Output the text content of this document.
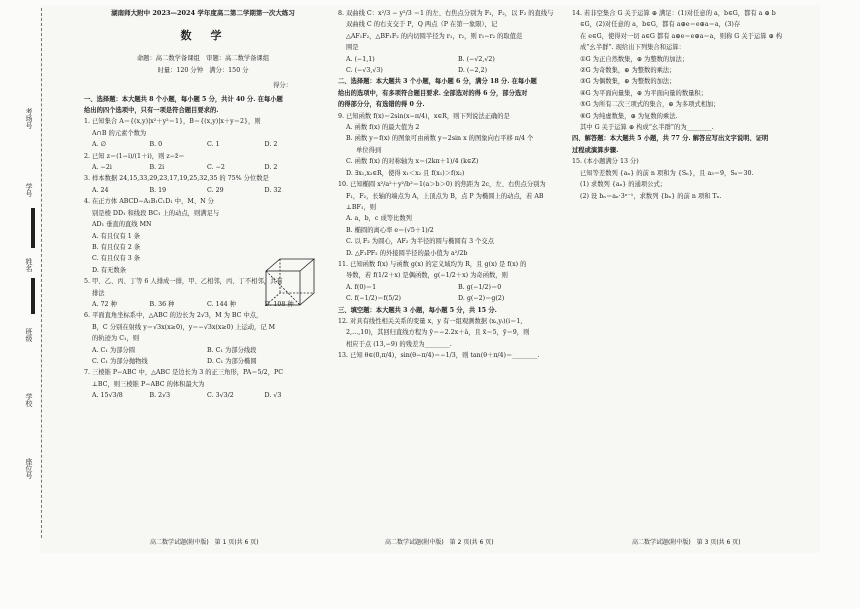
考场号
学号
姓名
班级
学校
座位号

湖南师大附中 2023—2024 学年度高二第二学期第一次大练习

数　学

命题：高二数学备课组　审题：高二数学备课组

时量：120 分钟　满分：150 分

得分：

一、选择题：本大题共 8 个小题，每小题 5 分，共计 40 分. 在每小题

给出的四个选项中，只有一项是符合题目要求的.

1. 已知集合 A＝{(x,y)|x²＋y²＝1}，B＝{(x,y)|x＋y＝2}，则

A∩B 的元素个数为

A. ∅	B. 0	C. 1	D. 2

2. 已知 z＝(1−i)/(1＋i)，则 z−z̄＝

A. −2i	B. 2i	C. −2	D. 2

3. 样本数据 24,15,33,29,23,17,19,25,32,35 的 75% 分位数是

A. 24	B. 19	C. 29	D. 32

4. 在正方体 ABCD−A₁B₁C₁D₁ 中，M、N 分

别是棱 DD₁ 和线段 BC₁ 上的动点，则满足与

AD₁ 垂直的直线 MN

A. 有且仅有 1 条

B. 有且仅有 2 条

C. 有且仅有 3 条

D. 有无数条

5. 甲、乙、丙、丁等 6 人排成一排，甲、乙相邻，丙、丁不相邻，共有

排法

A. 72 种	B. 36 种	C. 144 种	D. 108 种

6. 平面直角坐标系中，△ABC 的边长为 2√3，M 为 BC 中点，

B，C 分别在射线 y＝√3x(x≥0)，y＝−√3x(x≥0) 上运动，记 M

的轨迹为 C₁，则

A. C₁ 为部分圆	B. C₁ 为部分线段
C. C₁ 为部分抛物线	D. C₁ 为部分椭圆

7. 三棱锥 P−ABC 中，△ABC 是边长为 3 的正三角形，PA＝5/2，PC

⊥BC，则三棱锥 P−ABC 的体积最大为

A. 15√3/8	B. 2√3	C. 3√3/2	D. √3

8. 双曲线 C：x²/3 − y²/3 ＝1 的左、右焦点分别为 F₁，F₂，以 F₂ 的直线与

双曲线 C 的右支交于 P，Q 两点（P 在第一象限），记

△AF₁F₂，△BF₁F₂ 的内切圆半径为 r₁，r₂，则 r₁−r₂ 的取值范

围是

A. (−1,1)	B. (−√2,√2)
C. (−√3,√3)	D. (−2,2)

二、选择题：本大题共 3 个小题，每小题 6 分，满分 18 分. 在每小题

给出的选项中，有多项符合题目要求. 全部选对的得 6 分，部分选对

的得部分分，有选错的得 0 分.

9. 已知函数 f(x)＝2sin(x−π/4)，x∈R，则下列说法正确的是

A. 函数 f(x) 的最大值为 2

B. 函数 y＝f(x) 的图象可由函数 y＝2sin x 的图象向右平移 π/4 个

单位得到

C. 函数 f(x) 的对称轴为 x＝(2kπ＋1)/4 (k∈Z)

D. ∃x₁,x₂∈R，使得 x₁＜x₂ 且 f(x₁)＞f(x₂)

10. 已知椭圆 x²/a²＋y²/b²＝1(a＞b＞0) 的焦距为 2c，左、右焦点分别为

F₁，F₂，长轴的端点为 A，上顶点为 B，点 P 为椭圆上的动点，若 AB

⊥BF₁，则

A. a，b，c 成等比数列

B. 椭圆的离心率 e＝(√5＋1)/2

C. 以 F₂ 为圆心，AF₂ 为半径的圆与椭圆有 3 个交点

D. △F₁PF₂ 的外接圆半径的最小值为 a²/2b

11. 已知函数 f(x) 与函数 g(x) 的定义域均为 R，且 g(x) 是 f(x) 的

导数，若 f(1/2＋x) 是偶函数，g(−1/2＋x) 为奇函数，则

A. f(0)＝1	B. g(−1/2)＝0
C. f(−1/2)＝f(5/2)	D. g(−2)＝g(2)

三、填空题：本大题共 3 小题，每小题 5 分，共 15 分.

12. 对具有线性相关关系的变量 x，y 有一组观测数据 (xᵢ,yᵢ)(i＝1,

2,…,10)，其回归直线方程为 ŷ＝−2.2x＋â，且 x̄＝5，ȳ＝9，则

相应于点 (13,−9) 的残差为________.

13. 已知 θ∈(0,π/4)，sin(θ−π/4)＝−1/3，则 tan(θ＋π/4)＝________.

14. 若非空集合 G 关于运算 ⊕ 满足：(1)对任意的 a，b∈G，都有 a ⊕ b

∈G，(2)对任意的 a，b∈G，都有 a⊕e＝e⊕a＝a，(3)存

在 e∈G，使得对一切 a∈G 都有 a⊕e＝e⊕a＝a，则称 G 关于运算 ⊕ 构

成“幺半群”. 现给出下列集合和运算：

①G 为正自然数集，⊕ 为整数的加法；

②G 为奇数集，⊕ 为整数的乘法；

③G 为偶数集，⊕ 为整数的加法；

④G 为平面向量集，⊕ 为平面向量的数量积；

⑤G 为所有二次三项式的集合，⊕ 为多项式相加；

⑥G 为纯虚数集，⊕ 为复数的乘法.

其中 G 关于运算 ⊕ 构成“幺半群”的为________.

四、解答题：本大题共 5 小题，共 77 分. 解答应写出文字说明、证明

过程或演算步骤.

15. (本小题满分 13 分)

已知等差数列 {aₙ} 的前 n 项和为 {Sₙ}，且 a₃＝9，S₆＝30.

(1) 求数列 {aₙ} 的通项公式；

(2) 设 bₙ＝aₙ·3ⁿ⁻¹，求数列 {bₙ} 的前 n 项和 Tₙ.

高二数学试题(附中版)　第 1 页(共 6 页)	高二数学试题(附中版)　第 2 页(共 6 页)	高二数学试题(附中版)　第 3 页(共 6 页)
